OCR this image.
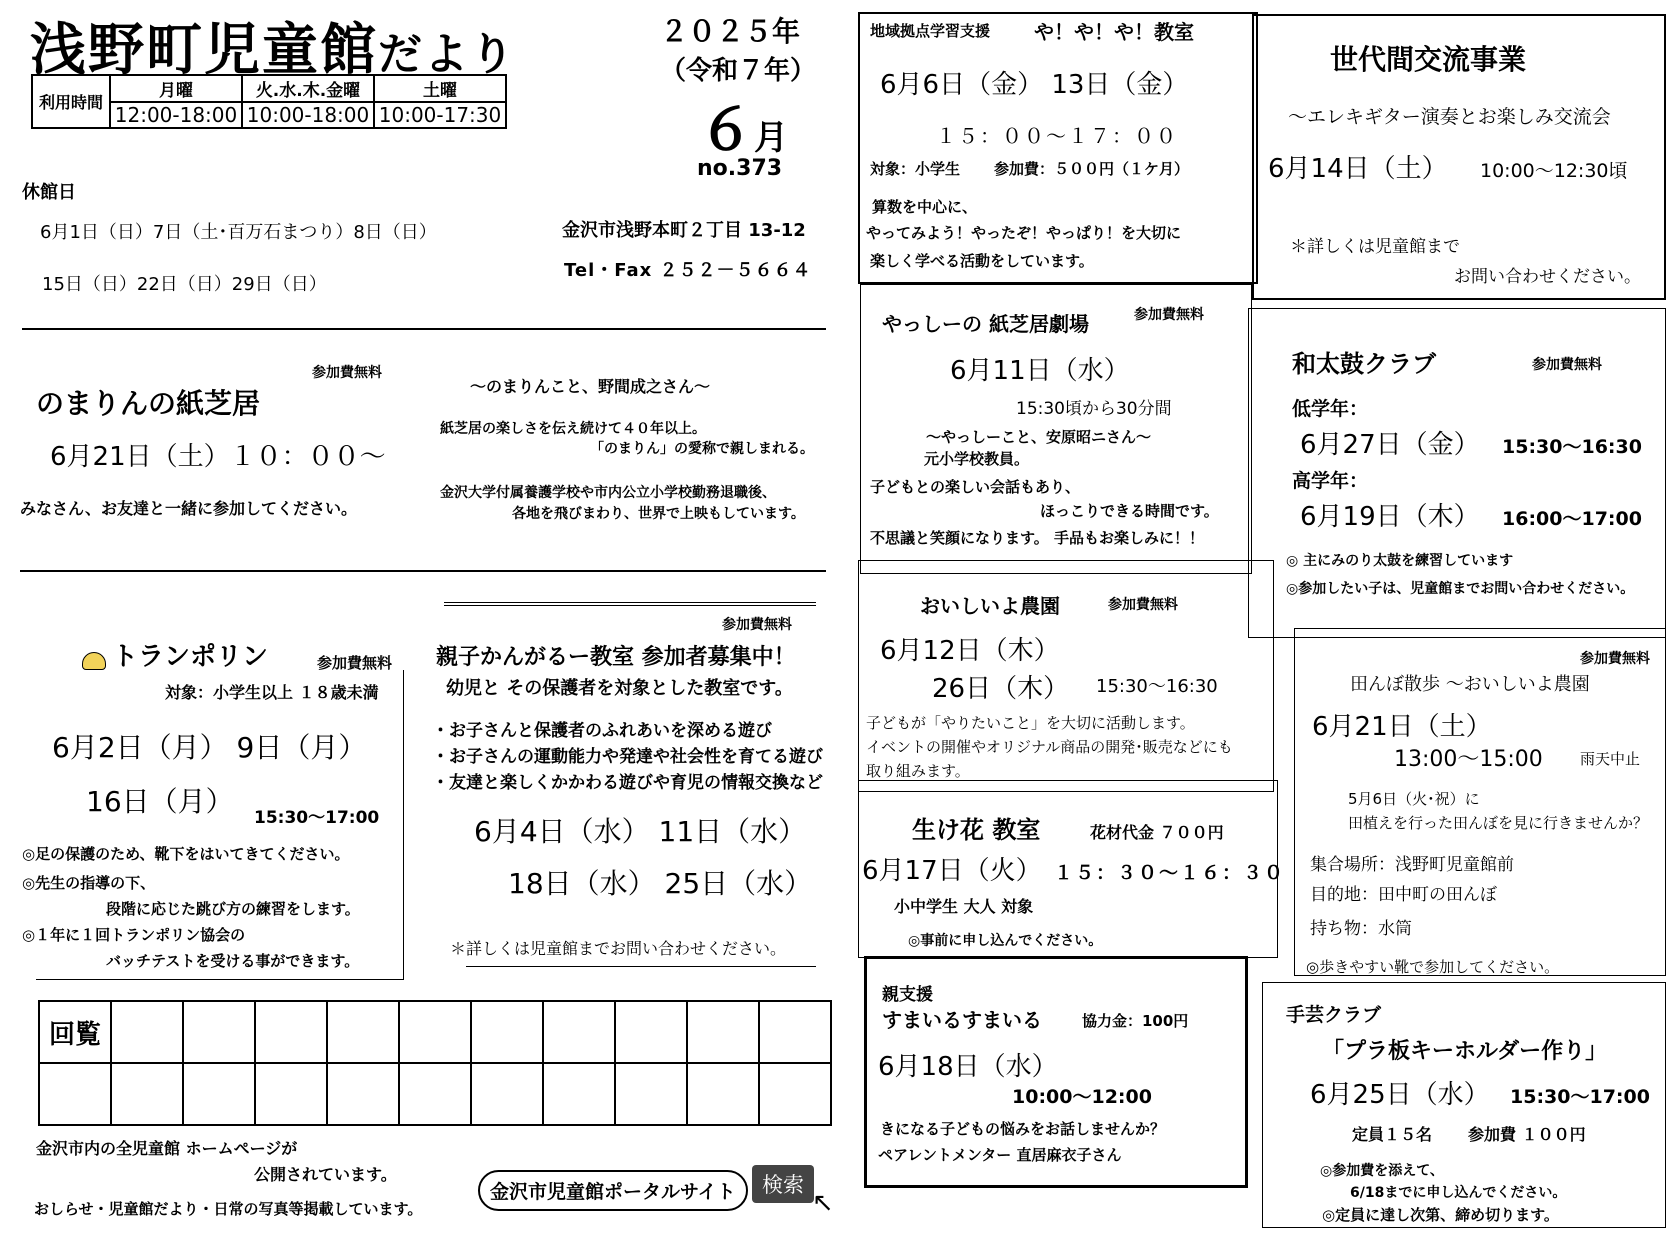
浅野町児童館だより
利用時間	月曜	火.水.木.金曜	土曜
	12:00-18:00	10:00-18:00	10:00-17:30
２０２５年
（令和７年）
６月
no.373
休館日
6月1日（日）7日（土･百万石まつり）8日（日）
15日（日）22日（日）29日（日）
金沢市浅野本町２丁目 13-12
Tel・Fax ２５２－５６６４
参加費無料
のまりんの紙芝居
6月21日（土）１０：００～
みなさん、お友達と一緒に参加してください。
～のまりんこと、野間成之さん～
紙芝居の楽しさを伝え続けて４０年以上。
「のまりん」の愛称で親しまれる。
金沢大学付属養護学校や市内公立小学校勤務退職後、
各地を飛びまわり、世界で上映もしています。
トランポリン	参加費無料
対象：小学生以上 １８歳未満
6月2日（月） 9日（月）
16日（月） 15:30～17:00
◎足の保護のため、靴下をはいてきてください。
◎先生の指導の下、
段階に応じた跳び方の練習をします。
◎１年に１回トランポリン協会の
バッチテストを受ける事ができます。
参加費無料
親子かんがるー教室 参加者募集中！
幼児と その保護者を対象とした教室です。
・お子さんと保護者のふれあいを深める遊び
・お子さんの運動能力や発達や社会性を育てる遊び
・友達と楽しくかかわる遊びや育児の情報交換など
6月4日（水） 11日（水）
18日（水） 25日（水）
＊詳しくは児童館までお問い合わせください。
回覧										

金沢市内の全児童館 ホームページが
公開されています。
おしらせ・児童館だより・日常の写真等掲載しています。
金沢市児童館ポータルサイト	検索
↖
地域拠点学習支援 や！や！や！教室
6月6日（金） 13日（金）
１５：００～１７：００
対象：小学生 参加費：５００円（１ケ月）
算数を中心に、
やってみよう！やったぞ！やっぱり！を大切に
楽しく学べる活動をしています。
世代間交流事業
～エレキギター演奏とお楽しみ交流会
6月14日（土） 10:00～12:30頃
＊詳しくは児童館まで
お問い合わせください。
やっしーの 紙芝居劇場	参加費無料
6月11日（水）
15:30頃から30分間
～やっしーこと、安原昭ニさん～
元小学校教員。
子どもとの楽しい会話もあり、
ほっこりできる時間です。
不思議と笑顔になります。 手品もお楽しみに！！
和太鼓クラブ	参加費無料
低学年：
6月27日（金） 15:30～16:30
高学年：
6月19日（木） 16:00～17:00
◎ 主にみのり太鼓を練習しています
◎参加したい子は、児童館までお問い合わせください。
おいしいよ農園	参加費無料
6月12日（木）
26日（木） 15:30～16:30
子どもが「やりたいこと」を大切に活動します。
イベントの開催やオリジナル商品の開発･販売などにも
取り組みます。
参加費無料
田んぼ散歩 ～おいしいよ農園
6月21日（土）
13:00～15:00 雨天中止
5月6日（火･祝）に
田植えを行った田んぼを見に行きませんか？
集合場所：浅野町児童館前
目的地：田中町の田んぼ
持ち物：水筒
◎歩きやすい靴で参加してください。
生け花 教室	花材代金 ７００円
6月17日（火） １５：３０～１６：３０
小中学生 大人 対象
◎事前に申し込んでください。
親支援
すまいるすまいる	協力金：100円
6月18日（水）
10:00～12:00
きになる子どもの悩みをお話しませんか？
ペアレントメンター 直居麻衣子さん
手芸クラブ
「プラ板キーホルダー作り」
6月25日（水） 15:30～17:00
定員１５名 参加費 １００円
◎参加費を添えて、
6/18までに申し込んでください。
◎定員に達し次第、締め切ります。
